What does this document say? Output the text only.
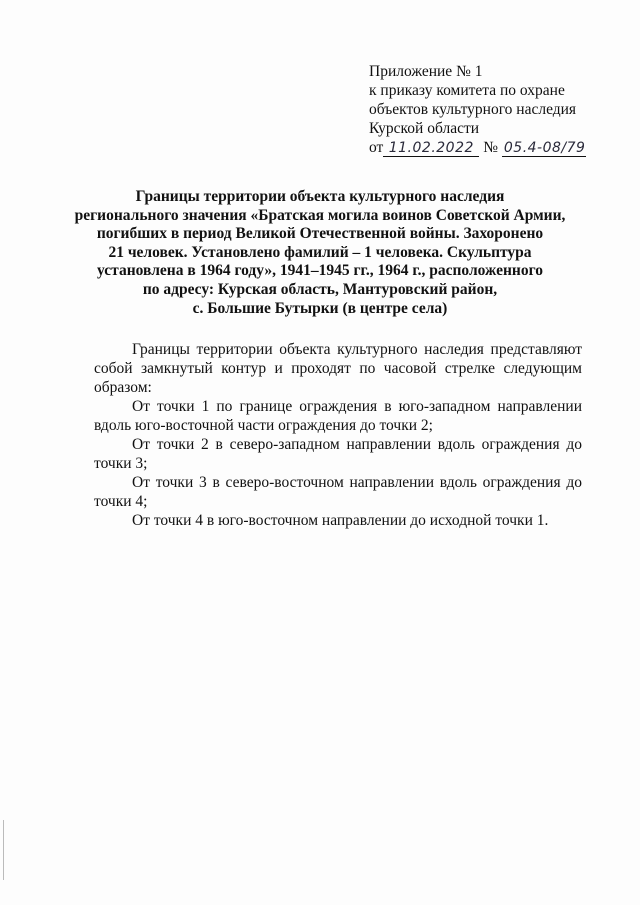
Приложение № 1
к приказу комитета по охране
объектов культурного наследия
Курской области
от 11.02.2022 № 05.4-08/79
Границы территории объекта культурного наследия
регионального значения «Братская могила воинов Советской Армии,
погибших в период Великой Отечественной войны. Захоронено
21 человек. Установлено фамилий – 1 человека. Скульптура
установлена в 1964 году», 1941–1945 гг., 1964 г., расположенного
по адресу: Курская область, Мантуровский район,
с. Большие Бутырки (в центре села)

Границы территории объекта культурного наследия представляют собой замкнутый контур и проходят по часовой стрелке следующим образом:

От точки 1 по границе ограждения в юго-западном направлении вдоль юго-восточной части ограждения до точки 2;

От точки 2 в северо-западном направлении вдоль ограждения до точки 3;

От точки 3 в северо-восточном направлении вдоль ограждения до точки 4;

От точки 4 в юго-восточном направлении до исходной точки 1.
